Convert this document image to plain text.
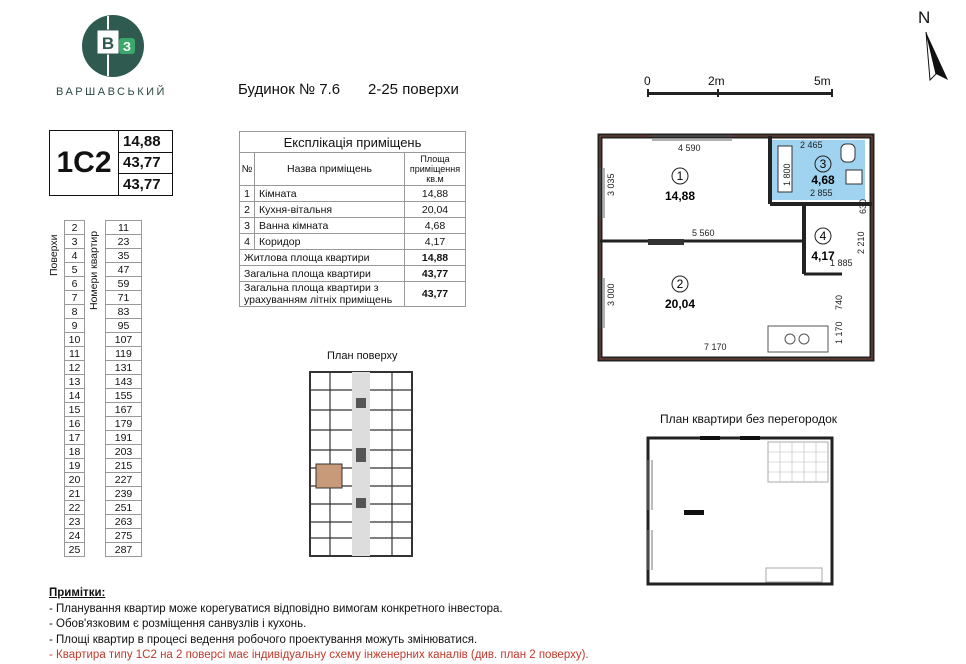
В З
ВАРШАВСЬКИЙ	Будинок № 7.6 2-25 поверхи	0	2m	5m
N
1С2	14,88
43,77
43,77
Поверхи	Номери квартир
2		11
3		23
4		35
5		47
6		59
7		71
8		83
9		95
10		107
11		119
12		131
13		143
14		155
15		167
16		179
17		191
18		203
19		215
20		227
21		239
22		251
23		263
24		275
25		287
Експлікація приміщень		
№	Назва приміщень	Площа приміщення кв.м
1	Кімната	14,88
2	Кухня-вітальня	20,04
3	Ванна кімната	4,68
4	Коридор	4,17
Житлова площа квартири		14,88
Загальна площа квартири		43,77
Загальна площа квартири з урахуванням літніх приміщень		43,77
План поверху
4 590	2 465
2 855
5 560
1 885
7 170
3 035
3 000
1 800
2 210
630
740
1 170
1
14,88
2
20,04
3
4,68
4
4,17
План квартири без перегородок
Примітки:
- Планування квартир може корегуватися відповідно вимогам конкретного інвестора.
- Обов'язковим є розміщення санвузлів і кухонь.
- Площі квартир в процесі ведення робочого проектування можуть змінюватися.
- Квартира типу 1С2 на 2 поверсі має індивідуальну схему інженерних каналів (див. план 2 поверху).
